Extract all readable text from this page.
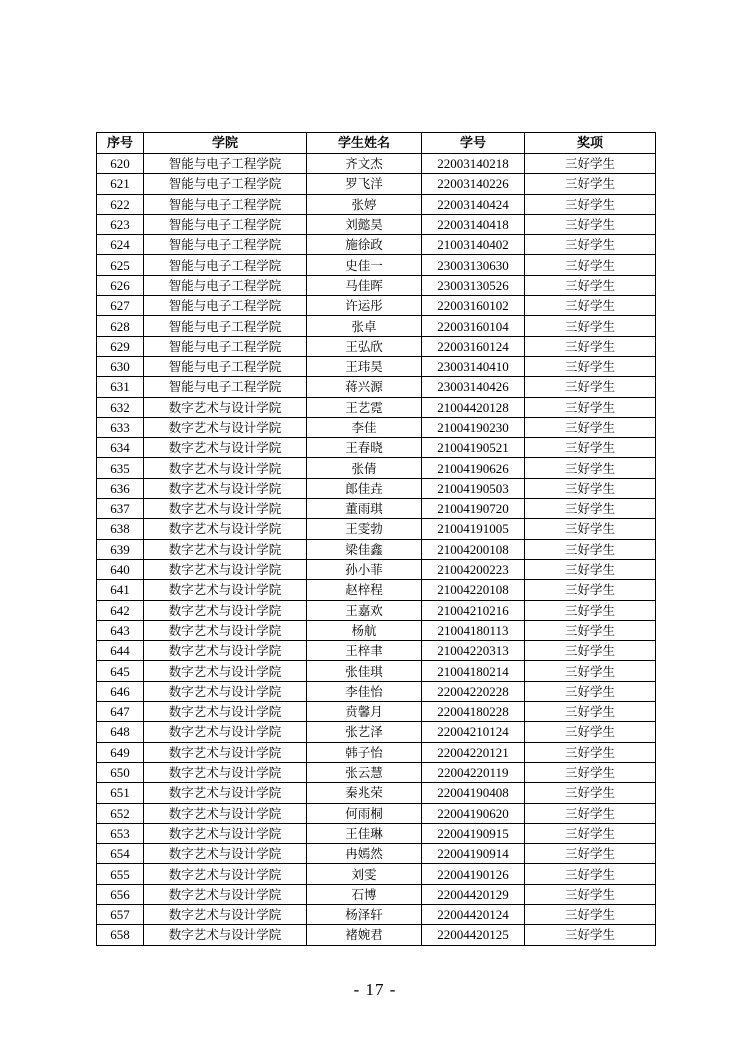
序号	学院	学生姓名	学号	奖项
620	智能与电子工程学院	齐文杰	22003140218	三好学生
621	智能与电子工程学院	罗飞洋	22003140226	三好学生
622	智能与电子工程学院	张婷	22003140424	三好学生
623	智能与电子工程学院	刘懿昊	22003140418	三好学生
624	智能与电子工程学院	施徐政	21003140402	三好学生
625	智能与电子工程学院	史佳一	23003130630	三好学生
626	智能与电子工程学院	马佳晖	23003130526	三好学生
627	智能与电子工程学院	许运彤	22003160102	三好学生
628	智能与电子工程学院	张卓	22003160104	三好学生
629	智能与电子工程学院	王弘欣	22003160124	三好学生
630	智能与电子工程学院	王玮昊	23003140410	三好学生
631	智能与电子工程学院	蒋兴源	23003140426	三好学生
632	数字艺术与设计学院	王艺霓	21004420128	三好学生
633	数字艺术与设计学院	李佳	21004190230	三好学生
634	数字艺术与设计学院	王春晓	21004190521	三好学生
635	数字艺术与设计学院	张倩	21004190626	三好学生
636	数字艺术与设计学院	郎佳垚	21004190503	三好学生
637	数字艺术与设计学院	董雨琪	21004190720	三好学生
638	数字艺术与设计学院	王雯勃	21004191005	三好学生
639	数字艺术与设计学院	梁佳鑫	21004200108	三好学生
640	数字艺术与设计学院	孙小菲	21004200223	三好学生
641	数字艺术与设计学院	赵梓程	21004220108	三好学生
642	数字艺术与设计学院	王嘉欢	21004210216	三好学生
643	数字艺术与设计学院	杨航	21004180113	三好学生
644	数字艺术与设计学院	王梓聿	21004220313	三好学生
645	数字艺术与设计学院	张佳琪	21004180214	三好学生
646	数字艺术与设计学院	李佳怡	22004220228	三好学生
647	数字艺术与设计学院	贲馨月	22004180228	三好学生
648	数字艺术与设计学院	张艺泽	22004210124	三好学生
649	数字艺术与设计学院	韩子怡	22004220121	三好学生
650	数字艺术与设计学院	张云慧	22004220119	三好学生
651	数字艺术与设计学院	秦兆荣	22004190408	三好学生
652	数字艺术与设计学院	何雨桐	22004190620	三好学生
653	数字艺术与设计学院	王佳琳	22004190915	三好学生
654	数字艺术与设计学院	冉嫣然	22004190914	三好学生
655	数字艺术与设计学院	刘雯	22004190126	三好学生
656	数字艺术与设计学院	石博	22004420129	三好学生
657	数字艺术与设计学院	杨泽轩	22004420124	三好学生
658	数字艺术与设计学院	褚婉君	22004420125	三好学生
- 17 -
